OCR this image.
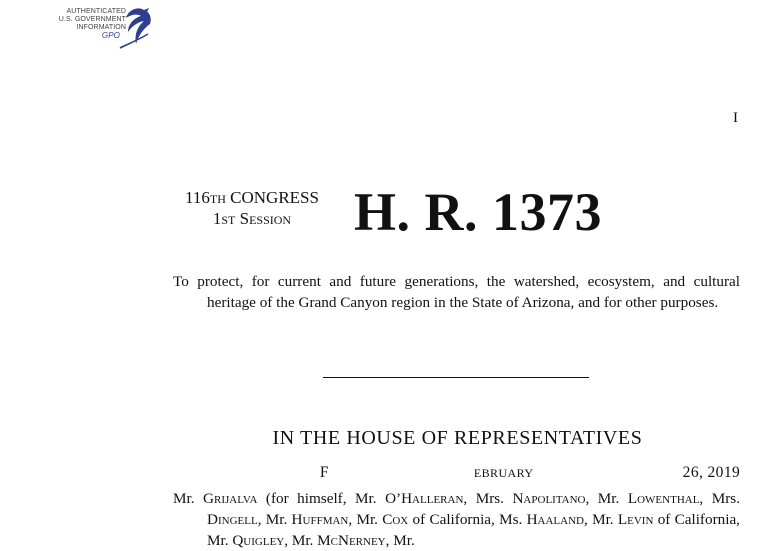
AUTHENTICATED
U.S. GOVERNMENT
INFORMATION
GPO
I
116TH CONGRESS
1ST Session	H. R. 1373
To protect, for current and future generations, the watershed, ecosystem, and cultural heritage of the Grand Canyon region in the State of Arizona, and for other purposes.
IN THE HOUSE OF REPRESENTATIVES
F	EBRUARY	26, 2019
Mr. Grijalva (for himself, Mr. O’Halleran, Mrs. Napolitano, Mr. Lowenthal, Mrs. Dingell, Mr. Huffman, Mr. Cox of California, Ms. Haaland, Mr. Levin of California, Mr. Quigley, Mr. McNerney, Mr.
